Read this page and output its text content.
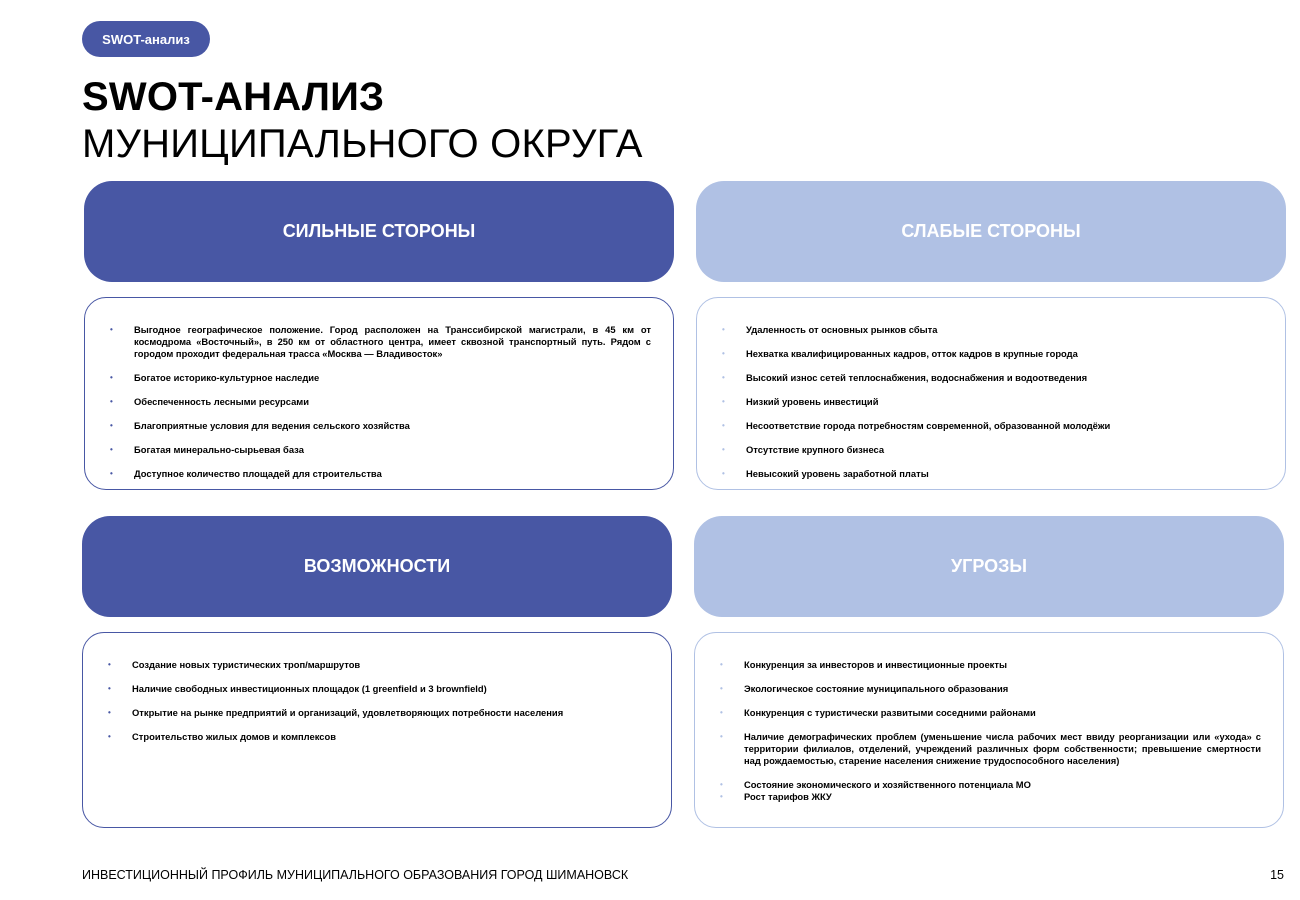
SWOT-анализ
SWOT-АНАЛИЗ
МУНИЦИПАЛЬНОГО ОКРУГА
СИЛЬНЫЕ СТОРОНЫ
• Выгодное географическое положение. Город расположен на Транссибирской магистрали, в 45 км от космодрома «Восточный», в 250 км от областного центра, имеет сквозной транспортный путь. Рядом с городом проходит федеральная трасса «Москва — Владивосток»
• Богатое историко-культурное наследие
• Обеспеченность лесными ресурсами
• Благоприятные условия для ведения сельского хозяйства
• Богатая минерально-сырьевая база
• Доступное количество площадей для строительства
СЛАБЫЕ СТОРОНЫ
• Удаленность от основных рынков сбыта
• Нехватка квалифицированных кадров, отток кадров в крупные города
• Высокий износ сетей теплоснабжения, водоснабжения и водоотведения
• Низкий уровень инвестиций
• Несоответствие города потребностям современной, образованной молодёжи
• Отсутствие крупного бизнеса
• Невысокий уровень заработной платы
ВОЗМОЖНОСТИ
• Создание новых туристических троп/маршрутов
• Наличие свободных инвестиционных площадок (1 greenfield и 3 brownfield)
• Открытие на рынке предприятий и организаций, удовлетворяющих потребности населения
• Строительство жилых домов и комплексов
УГРОЗЫ
• Конкуренция за инвесторов и инвестиционные проекты
• Экологическое состояние муниципального образования
• Конкуренция с туристически развитыми соседними районами
• Наличие демографических проблем (уменьшение числа рабочих мест ввиду реорганизации или «ухода» с территории филиалов, отделений, учреждений различных форм собственности; превышение смертности над рождаемостью, старение населения снижение трудоспособного населения)
• Состояние экономического и хозяйственного потенциала МО
• Рост тарифов ЖКУ
ИНВЕСТИЦИОННЫЙ ПРОФИЛЬ МУНИЦИПАЛЬНОГО ОБРАЗОВАНИЯ ГОРОД ШИМАНОВСК	15
